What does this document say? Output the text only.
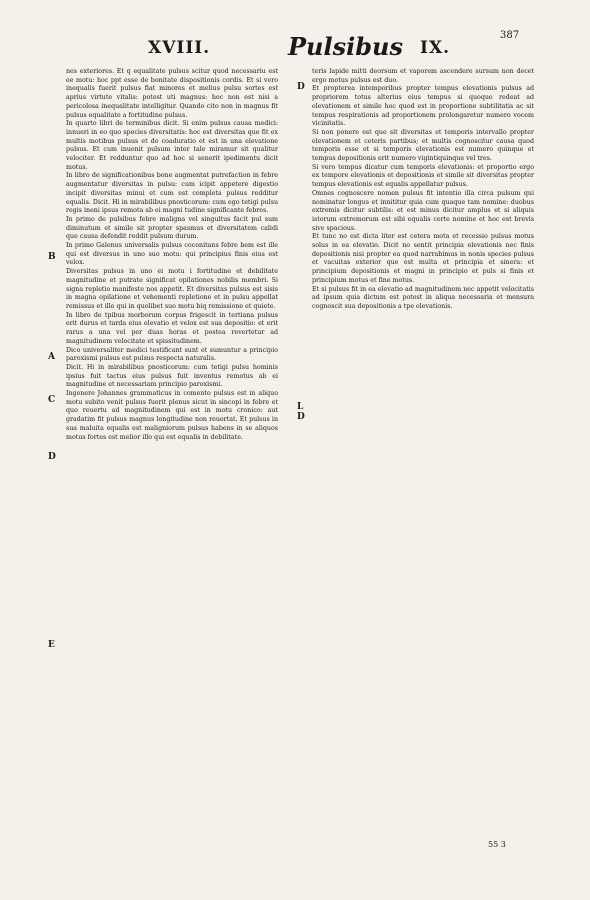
XVIII.	Pulsibus IX.
387
B
A
C
D
E
D
L
D

nes exteriores. Et q equalitate pulsus scitur quod necessariu est ee motu: hoc ppt esse de bonitate dispositionis cordis. Et si vero inequalis fuerit pulsus fiat minores et melius pulsu sortes est aprius virtute vitalis: potest uti magnus: hoc non est nisi a pericolosa inequalitate intelligitur. Quando cito non in magnus fit pulsus equalitate a fortitudine pulsus.

In quarto libri de terminibus dicit. Si enim pulsus causa medici: innueri in eo quo species diversitatis: hoc est diversitas que fit ex multis motibus pulsus et do coaduratio et est in una elevatione pulsus. Et cum inuenit pulsum inter tale miramur sit qualitur velociter. Et redduntur quo ad hoc si senerit ipedimentu dicit motus.

In libro de significationibus bone augmentat putrefaction in febre augmentatur diversitas in pulsu: cum icipit appetere digestio incipit diversitas minui et cum est completa pulsus redditur equalis. Dicit. Hi in mirabilibus pnosticorum: cum ego tetigi pulsu regis ineni ipsus remota ab ei magni tudine significante febres.

In primo de pulsibus febre maligna vel singultus facit pul sum diminutum et simile sit propter spasmus et diversitatem calidi que causa defendit reddit pulsum durum.

In primo Galenus universalis pulsus coconitans febre bem est ille qui est diversus in uno suo motu: qui principius finis eius est velox.

Diversitas pulsus in uno ei motu i fortitudine et debilitate magnitudine et putrate significat opilationes nobilis membri. Si signa repletio manifeste nos appetit. Et diversitas pulsus est sisis in magna opilatione et vehementi repletione et in pulsu appellat remissus et ille qui in quolibet suo motu biq remissione et quiete.

In libro de tpibus morborum corpus frigescit in tertiana pulsus erit durus et tarda eius elevatio et velox est sua depositio: et erit rarus a una vel per duas horas et postea revertetur ad magnitudinem velocitate et spissitudinem.

Dico universaliter medici testificant sunt et sumuntur a principio paroxismi pulsus est pulsus respecta naturalis.

Dicit. Hi in mirabilibus pnosticorum: cum tetigi pulsu hominis ipsius fuit tactus eius pulsus fuit inventus remotus ab ei magnitudine et necessariam principio paroxismi.

Ingenere Johannes grammaticus in comento pulsus est in aliquo motu subito venit pulsus fuerit plenus sicut in sincopi in febre et quo reuertu ad magnitudinem qui est in motu cronico: aut gradatim fit pulsus magnus longitudine non reuertat. Et pulsus in sua maluita equalis est maligniorum pulsus habens in se aliquos motus fortes est melior illo qui est equalis in debilitate.

teris lapide mitti deorsum et vaporem ascendere sursum non decet ergo motus pulsus est duo.

Et propterea intemporibus propter tempus elevationis pulsus ad propriorem totus alterius eius tempus si quoque redeat ad elevationem et simile hoc quod est in proportione subtilitatis ac sit tempus respirationis ad proportionem prolongaretur numero vocem vicinitatis.

Si non ponere est que sit diversitas et temporis intervallo propter elevationem et ceteris partibus; et multis cognoscitur causa quod temporis esse et si temporis elevationis est numero quinque et tempus depositionis erit numero vigintiquinque vel tres.

Si vero tempus dicatur cum temporis elevationis: et proportio ergo ex tempore elevationis et depositionis et simile sit diversitas propter tempus elevationis est equalis appellatur pulsus.

Omnes cognoscere nomen pulsus fit intentio illa circa pulsum qui nominatur longus et innititur quia cum quaque tam nomine: duobus extremis dicitur subtilis: et est minus dicitur amplus et si aliquis istorum extremorum est sibi equalis certe nomine et hoc est brevis sive spacious.

Et tunc no est dicta liter est cetera mota et recessio pulsus motus solus in ea elevatio. Dicit no sentit principia elevationis nec finis depositionis nisi propter ea quod narrabimus in nonis species pulsus et vacuitas exterior que est multa et principia et sinera: et principium depositionis et magni in principio et puls si finis et principium motus et fine motus.

Et si pulsus fit in ea elevatio ad magnitudinem nec appetit velocitatis ad ipsum quia dictum est potest in aliqua necessaria et mensura cognoscit sua depositionis a tpe elevationis.

55 3
